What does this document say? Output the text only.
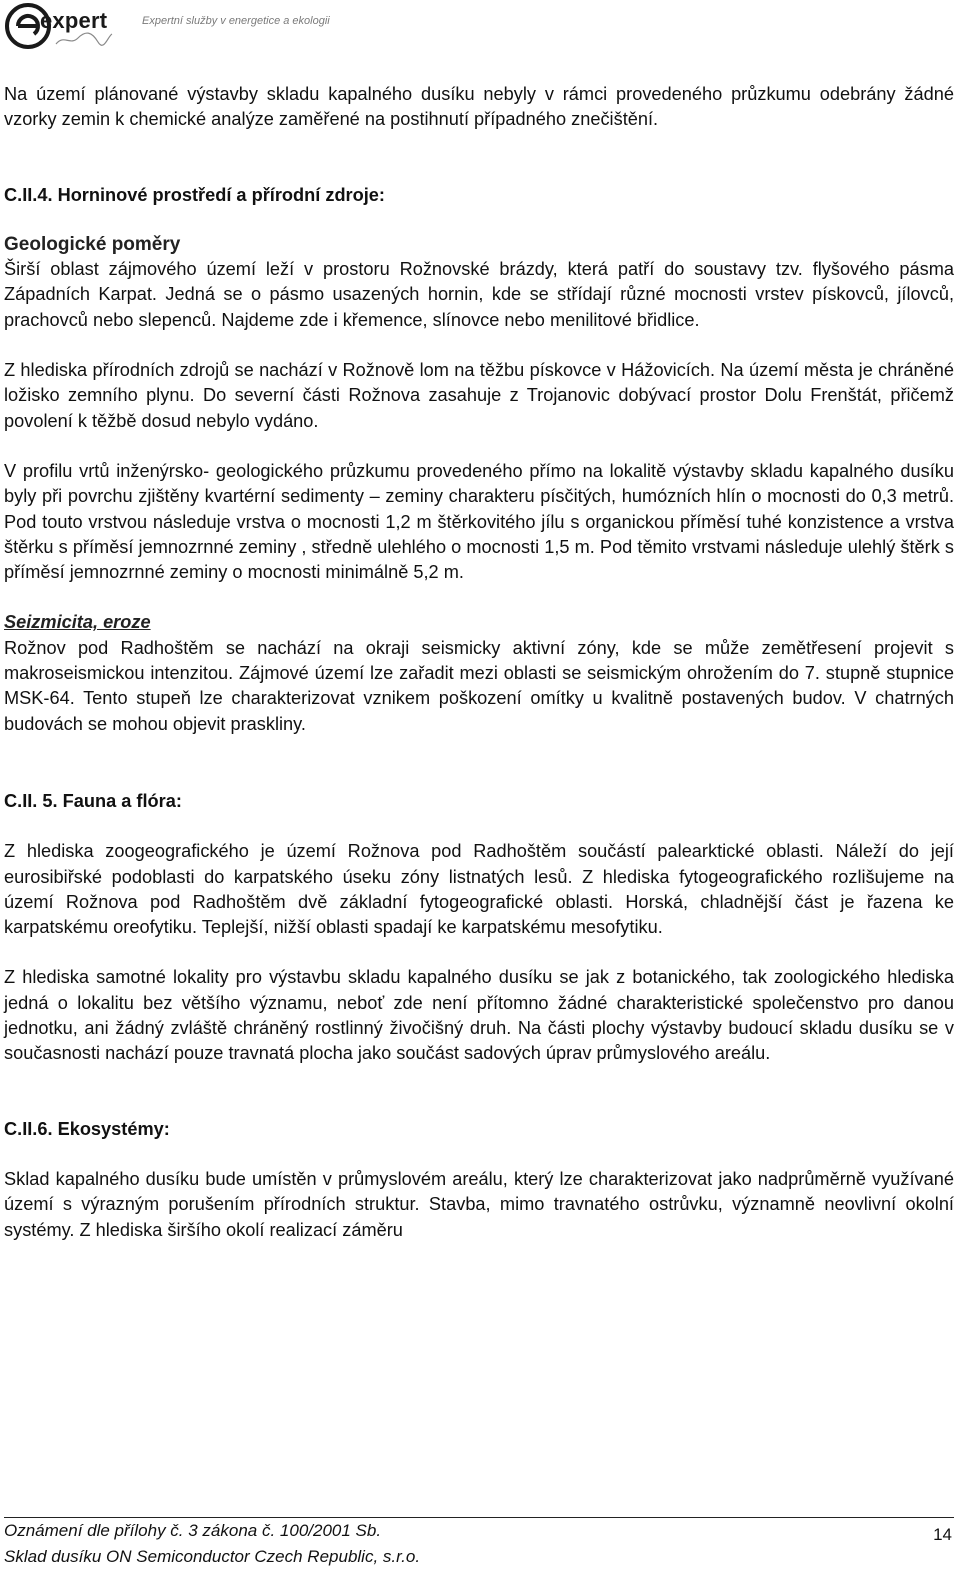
expert	Expertní služby v energetice a ekologii

Na území plánované výstavby skladu kapalného dusíku nebyly v rámci provedeného průzkumu odebrány žádné vzorky zemin k chemické analýze zaměřené na postihnutí případného znečištění.

C.II.4. Horninové prostředí a přírodní zdroje:
Geologické poměry

Širší oblast zájmového území leží v prostoru Rožnovské brázdy, která patří do soustavy tzv. flyšového pásma Západních Karpat. Jedná se o pásmo usazených hornin, kde se střídají různé mocnosti vrstev pískovců, jílovců, prachovců nebo slepenců. Najdeme zde i křemence, slínovce nebo menilitové břidlice.

Z hlediska přírodních zdrojů se nachází v Rožnově lom na těžbu pískovce v Hážovicích. Na území města je chráněné ložisko zemního plynu. Do severní části Rožnova zasahuje z Trojanovic dobývací prostor Dolu Frenštát, přičemž povolení k těžbě dosud nebylo vydáno.

V profilu vrtů inženýrsko- geologického průzkumu provedeného přímo na lokalitě výstavby skladu kapalného dusíku byly při povrchu zjištěny kvartérní sedimenty – zeminy charakteru písčitých, humózních hlín o mocnosti do 0,3 metrů. Pod touto vrstvou následuje vrstva o mocnosti 1,2 m štěrkovitého jílu s organickou příměsí tuhé konzistence a vrstva štěrku s příměsí jemnozrnné zeminy , středně ulehlého o mocnosti 1,5 m. Pod těmito vrstvami následuje ulehlý štěrk s příměsí jemnozrnné zeminy o mocnosti minimálně 5,2 m.

Seizmicita, eroze

Rožnov pod Radhoštěm se nachází na okraji seismicky aktivní zóny, kde se může zemětřesení projevit s makroseismickou intenzitou. Zájmové území lze zařadit mezi oblasti se seismickým ohrožením do 7. stupně stupnice MSK-64. Tento stupeň lze charakterizovat vznikem poškození omítky u kvalitně postavených budov. V chatrných budovách se mohou objevit praskliny.

C.II. 5. Fauna a flóra:

Z hlediska zoogeografického je území Rožnova pod Radhoštěm součástí palearktické oblasti. Náleží do její eurosibiřské podoblasti do karpatského úseku zóny listnatých lesů. Z hlediska fytogeografického rozlišujeme na území Rožnova pod Radhoštěm dvě základní fytogeografické oblasti. Horská, chladnější část je řazena ke karpatskému oreofytiku. Teplejší, nižší oblasti spadají ke karpatskému mesofytiku.

Z hlediska samotné lokality pro výstavbu skladu kapalného dusíku se jak z botanického, tak zoologického hlediska jedná o lokalitu bez většího významu, neboť zde není přítomno žádné charakteristické společenstvo pro danou jednotku, ani žádný zvláště chráněný rostlinný živočišný druh. Na části plochy výstavby budoucí skladu dusíku se v současnosti nachází pouze travnatá plocha jako součást sadových úprav průmyslového areálu.

C.II.6. Ekosystémy:

Sklad kapalného dusíku bude umístěn v průmyslovém areálu, který lze charakterizovat jako nadprůměrně využívané území s výrazným porušením přírodních struktur. Stavba, mimo travnatého ostrůvku, významně neovlivní okolní systémy. Z hlediska širšího okolí realizací záměru

Oznámení dle přílohy č. 3 zákona č. 100/2001 Sb.
Sklad dusíku ON Semiconductor Czech Republic, s.r.o.
14
